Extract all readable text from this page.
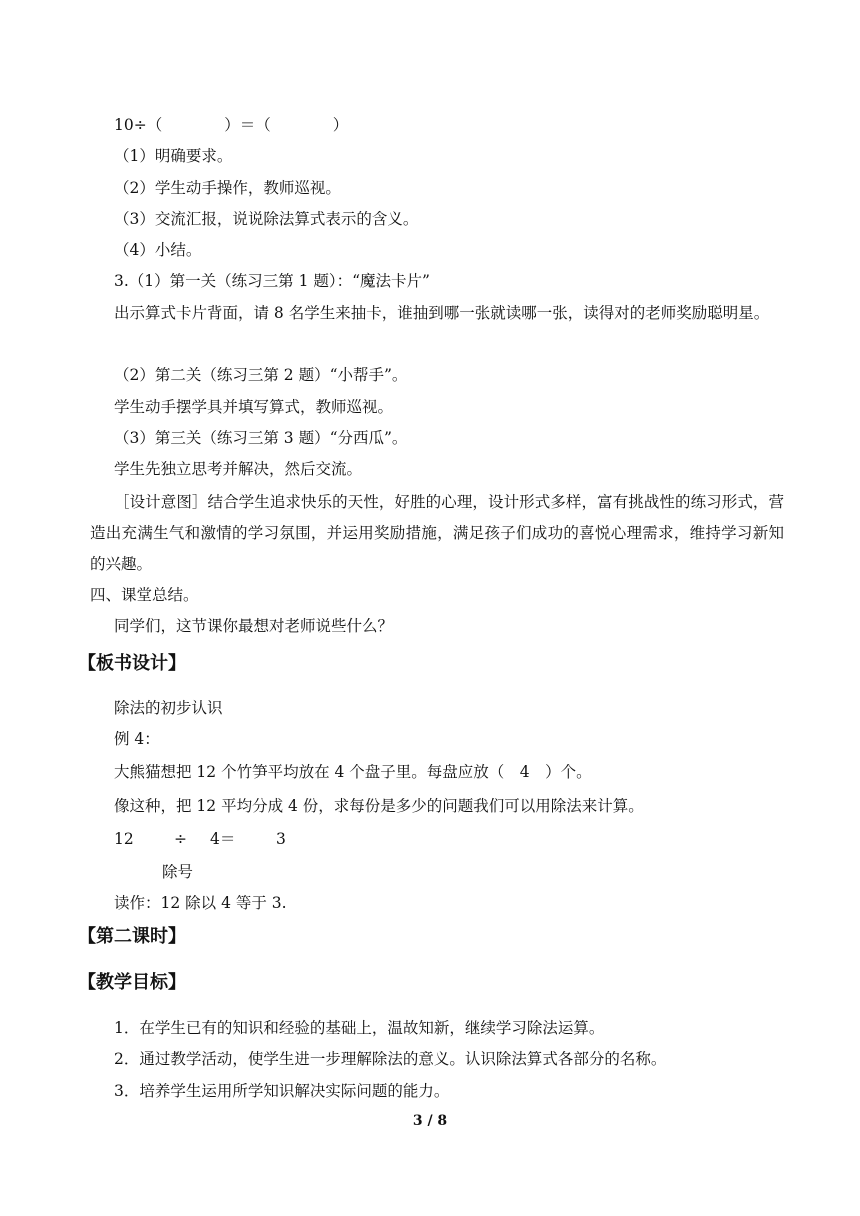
10÷（　　　　）＝（　　　　）
（1）明确要求。
（2）学生动手操作，教师巡视。
（3）交流汇报，说说除法算式表示的含义。
（4）小结。
3.（1）第一关（练习三第 1 题）：“魔法卡片”
出示算式卡片背面，请 8 名学生来抽卡，谁抽到哪一张就读哪一张，读得对的老师奖励聪明星。
（2）第二关（练习三第 2 题）“小帮手”。
学生动手摆学具并填写算式，教师巡视。
（3）第三关（练习三第 3 题）“分西瓜”。
学生先独立思考并解决，然后交流。
［设计意图］结合学生追求快乐的天性，好胜的心理，设计形式多样，富有挑战性的练习形式，营造出充满生气和激情的学习氛围，并运用奖励措施，满足孩子们成功的喜悦心理需求，维持学习新知的兴趣。
四、课堂总结。
同学们，这节课你最想对老师说些什么？
【板书设计】
除法的初步认识
例 4：
大熊猫想把 12 个竹笋平均放在 4 个盘子里。每盘应放（　4　）个。
像这种，把 12 平均分成 4 份，求每份是多少的问题我们可以用除法来计算。
12	÷ 4＝	3
除号
读作：12 除以 4 等于 3.
【第二课时】
【教学目标】
1．在学生已有的知识和经验的基础上，温故知新，继续学习除法运算。
2．通过教学活动，使学生进一步理解除法的意义。认识除法算式各部分的名称。
3．培养学生运用所学知识解决实际问题的能力。
3 / 8
